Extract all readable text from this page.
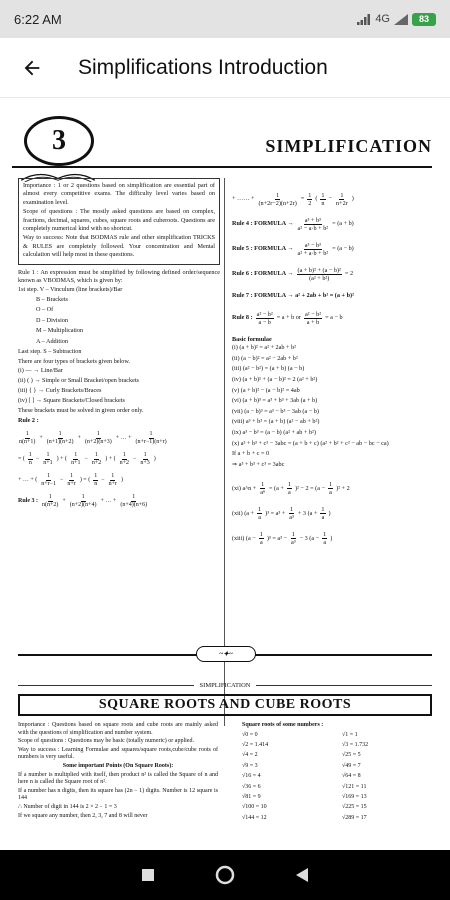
6:22 AM	4G	83
Simplifications Introduction
3	SIMPLIFICATION

Importance : 1 or 2 questions based on simplification are essential part of almost every competitive exams. The difficulty level varies based on examination level.

Scope of questions : The mostly asked questions are based on complex, fractions, decimal, squares, cubes, square roots and cuberoots. Questions are completely numerical kind with no shortcut.

Way to success: Note that BODMAS rule and other simplification TRICKS & RULES are completely followed. Your concentration and Mental calculation will help most in these questions.

Rule 1 : An expression must be simplified by following defined order/sequence known as VBODMAS, which is given by:
1st step. V – Vinculum (line brackets)/Bar
B – Brackets
O – Of
D – Division
M – Multiplication
A – Addition
Last step. S – Subtraction
There are four types of brackets given below.
(i) — → Line/Bar
(ii) ( ) → Simple or Small Bracket/open brackets
(iii) { } → Curly Brackets/Braces
(iv) [ ] → Square Brackets/Closed brackets
These brackets must be solved in given order only.
Rule 2 :
$\frac{1}{n(n+1)} + \frac{1}{(n+1)(n+2)} + \frac{1}{(n+2)(n+3)}$ + … + $\frac{1}{(n+r-1)(n+r)}$
= ( $\frac{1}{n} - \frac{1}{n+1}$ ) + ( $\frac{1}{n+1} - \frac{1}{n+2}$ ) + ( $\frac{1}{n+2} - \frac{1}{n+3}$ )
+ … + ( $\frac{1}{n+r-1} - \frac{1}{n+r}$ ) = ( $\frac{1}{n} - \frac{1}{n+r}$ )
Rule 3 : $\frac{1}{n(n+2)} + \frac{1}{(n+2)(n+4)}$ + … + $\frac{1}{(n+4)(n+6)}$
+ …… + $\frac{1}{(n+2r-2)(n+2r)} = \frac{1}{2}$ ( $\frac{1}{n} - \frac{1}{n+2r}$ )
Rule 4 : FORMULA → $\frac{\text{a³ + b³}}{\text{a² − a·b + b²}} = (a + b)$
Rule 5 : FORMULA → $\frac{\text{a³ − b³}}{\text{a² + a·b + b²}} = (a - b)$
Rule 6 : FORMULA → $\frac{\text{(a + b)² + (a − b)²}}{\text{(a² + b²)}} = 2$
Rule 7 : FORMULA → a² + 2ab + b² = (a + b)²
Rule 8 : $\frac{\text{a² − b²}}{a - b} = a + b$ or $\frac{\text{a² − b²}}{a + b} = a - b$
Basic formulae
(i) (a + b)² = a² + 2ab + b²
(ii) (a − b)² = a² − 2ab + b²
(iii) (a² − b²) = (a + b) (a − b)
(iv) (a + b)² + (a − b)² = 2 (a² + b²)
(v) (a + b)² − (a − b)² = 4ab
(vi) (a + b)³ = a³ + b³ + 3ab (a + b)
(vii) (a − b)³ = a³ − b³ − 3ab (a − b)
(viii) a³ + b³ = (a + b) (a² − ab + b²)
(ix) a³ − b³ = (a − b) (a² + ab + b²)
(x) a³ + b³ + c³ − 3abc = (a + b + c) (a² + b² + c² − ab − bc − ca)
If a + b + c = 0
⇒ a³ + b³ + c³ = 3abc
(xi) a^n + $\frac{1}{\text{aⁿ}} = (a + \frac{1}{a} )^2 - 2 = (a - \frac{1}{a} )^2 + 2$
(xii) $(a + \frac{1}{a} )^3 = a^3 + \frac{1}{\text{a³}} + 3$ ($a + \frac{1}{a}$ )
(xiii) $(a - \frac{1}{a} )^3 = a^3 - \frac{1}{\text{a³}} - 3$ ($a - \frac{1}{a}$ )
~✦~
SIMPLIFICATION
SQUARE ROOTS AND CUBE ROOTS

Importance : Questions based on square roots and cube roots are mainly asked with the questions of simplification and number system.

Scope of questions : Questions may be basic (totally numeric) or applied.

Way to success : Learning Formulae and squares/square roots,cube/cube roots of numbers is very useful.

Some important Points (On Square Roots):

If a number is multiplied with itself, then product n² is called the Square of n and here n is called the Square root of n².

If a number has n digits, then its square has (2n − 1) digits. Number is 12 square is 144

∴ Number of digit in 144 is 2 × 2 − 1 = 3

If we square any number, then 2, 3, 7 and 8 will never

Square roots of some numbers :
√0 = 0	√1 = 1
√2 = 1.414	√3 = 1.732
√4 = 2	√25 = 5
√9 = 3	√49 = 7
√16 = 4	√64 = 8
√36 = 6	√121 = 11
√81 = 9	√169 = 13
√100 = 10	√225 = 15
√144 = 12	√289 = 17
